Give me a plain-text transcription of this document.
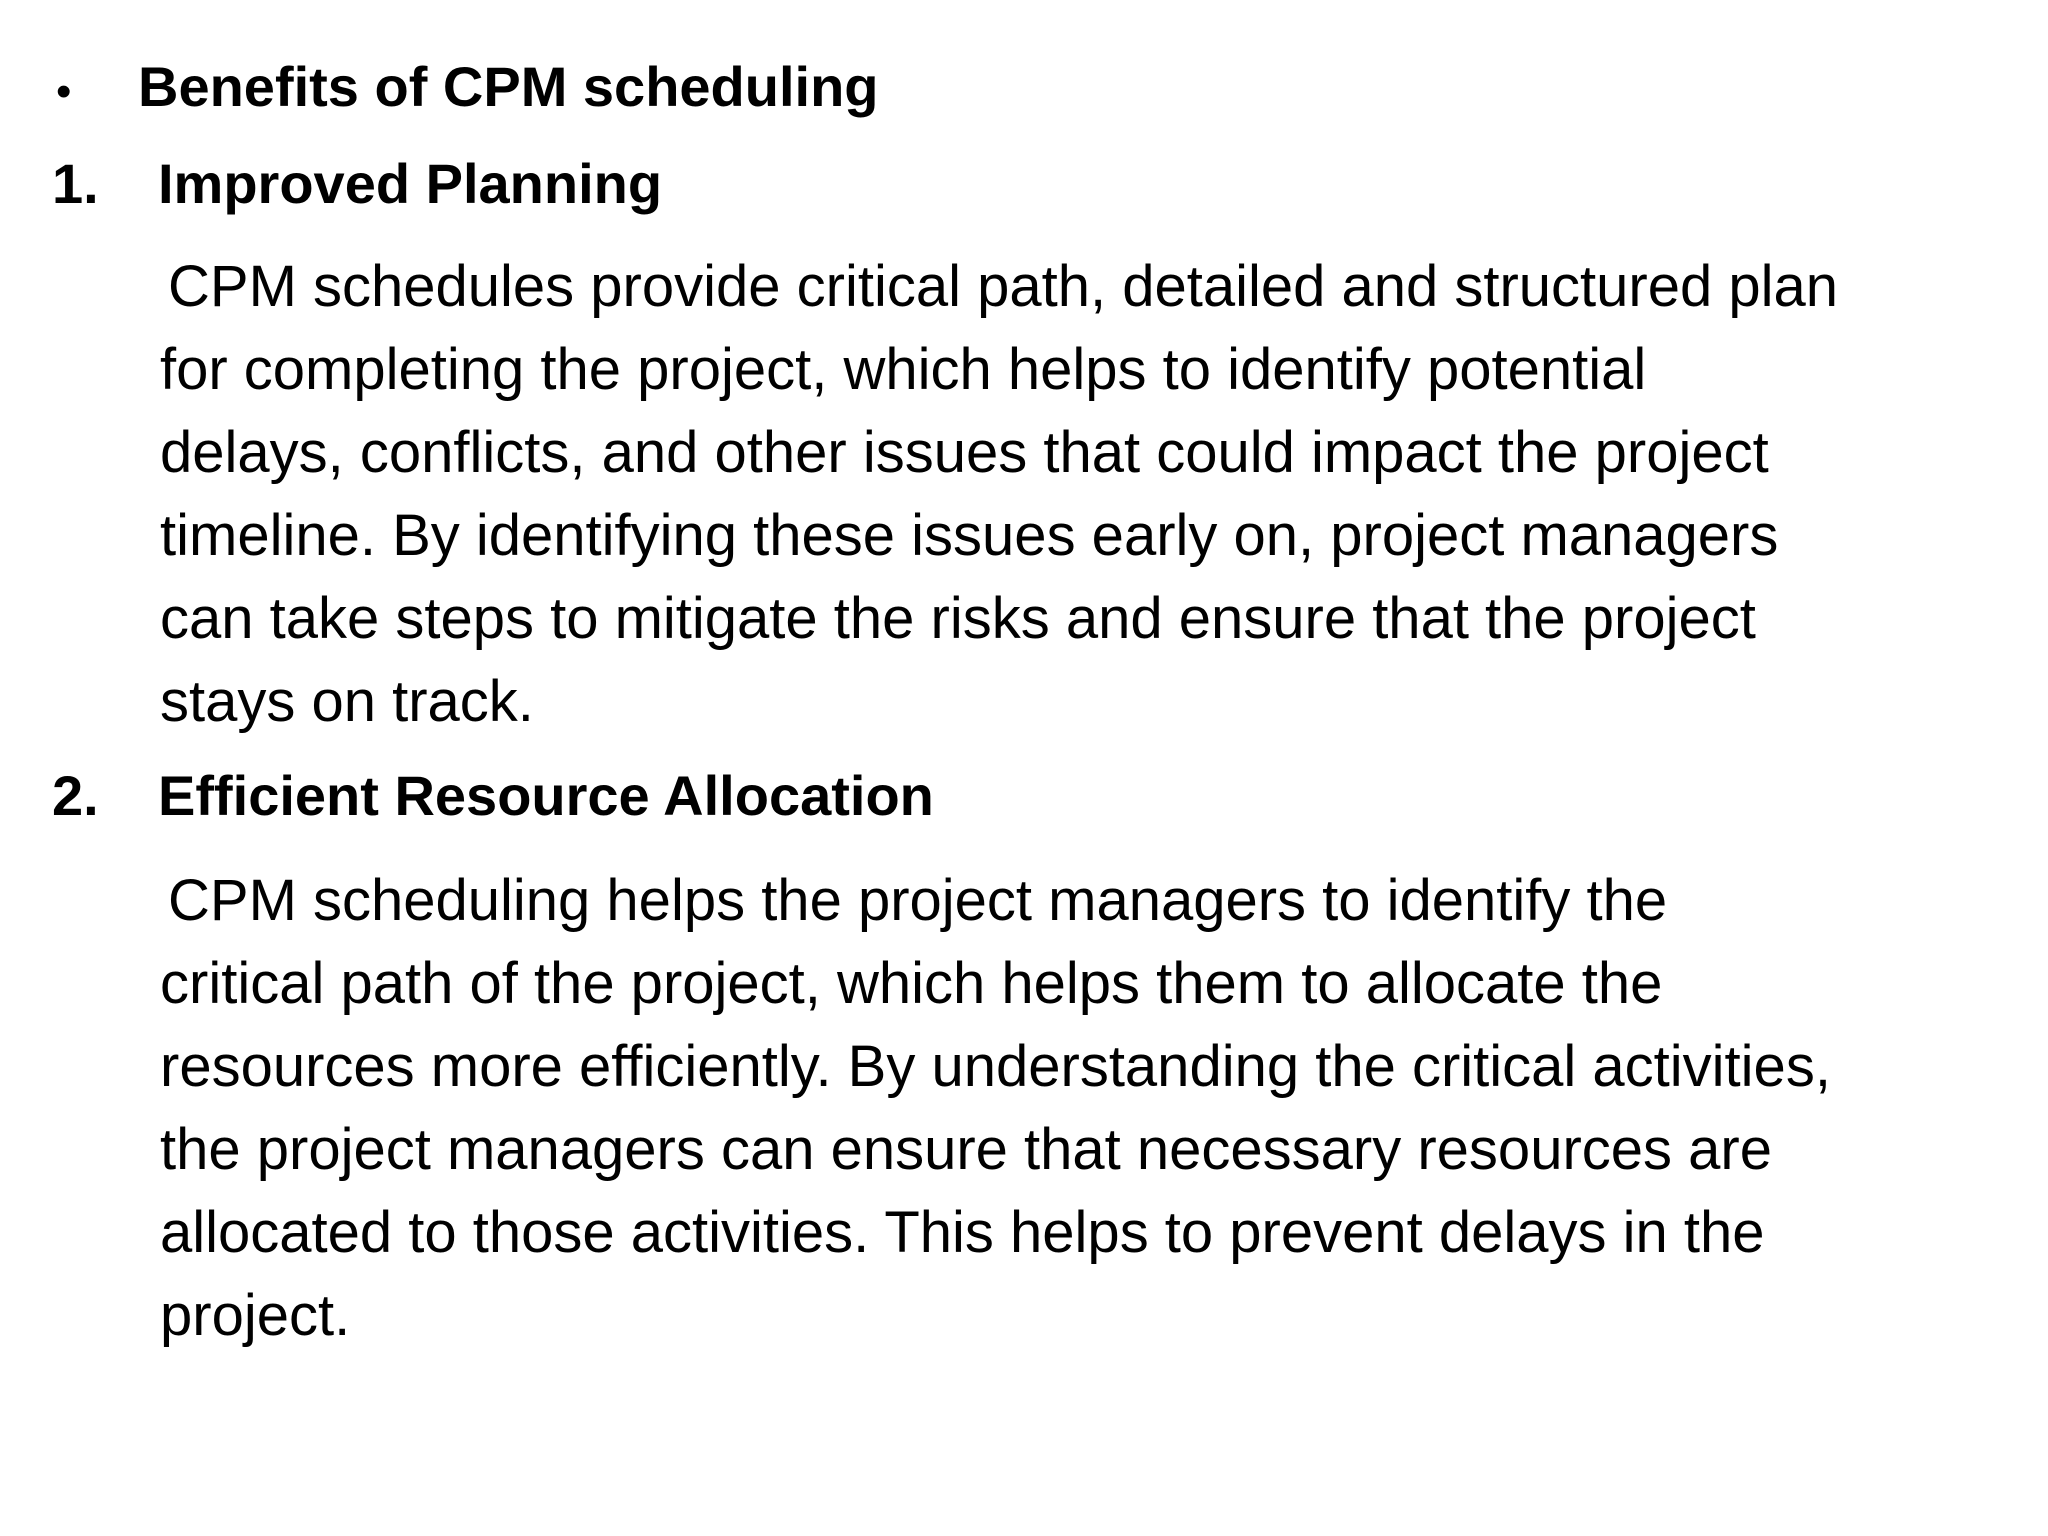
•	Benefits of CPM scheduling
1.	Improved Planning
CPM schedules provide critical path, detailed and structured plan
for completing the project, which helps to identify potential
delays, conflicts, and other issues that could impact the project
timeline. By identifying these issues early on, project managers
can take steps to mitigate the risks and ensure that the project
stays on track.
2.	Efficient Resource Allocation
CPM scheduling helps the project managers to identify the
critical path of the project, which helps them to allocate the
resources more efficiently. By understanding the critical activities,
the project managers can ensure that necessary resources are
allocated to those activities. This helps to prevent delays in the
project.
